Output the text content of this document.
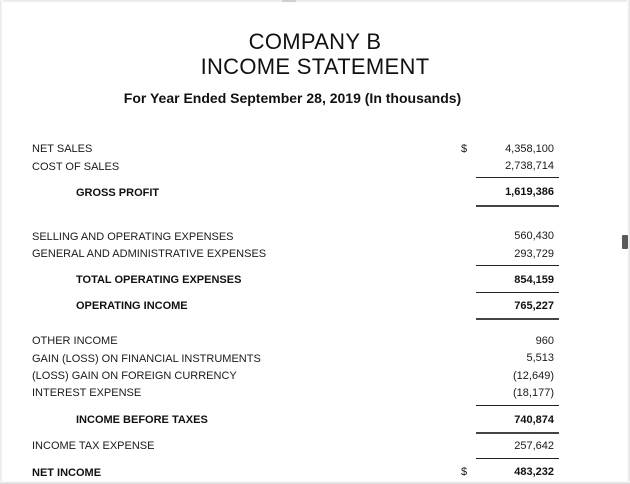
COMPANY B
INCOME STATEMENT
For Year Ended September 28, 2019 (In thousands)
NET SALES	$	4,358,100
COST OF SALES	2,738,714
GROSS PROFIT	1,619,386
SELLING AND OPERATING EXPENSES	560,430
GENERAL AND ADMINISTRATIVE EXPENSES	293,729
TOTAL OPERATING EXPENSES	854,159
OPERATING INCOME	765,227
OTHER INCOME	960
GAIN (LOSS) ON FINANCIAL INSTRUMENTS	5,513
(LOSS) GAIN ON FOREIGN CURRENCY	(12,649)
INTEREST EXPENSE	(18,177)
INCOME BEFORE TAXES	740,874
INCOME TAX EXPENSE	257,642
NET INCOME	$	483,232
